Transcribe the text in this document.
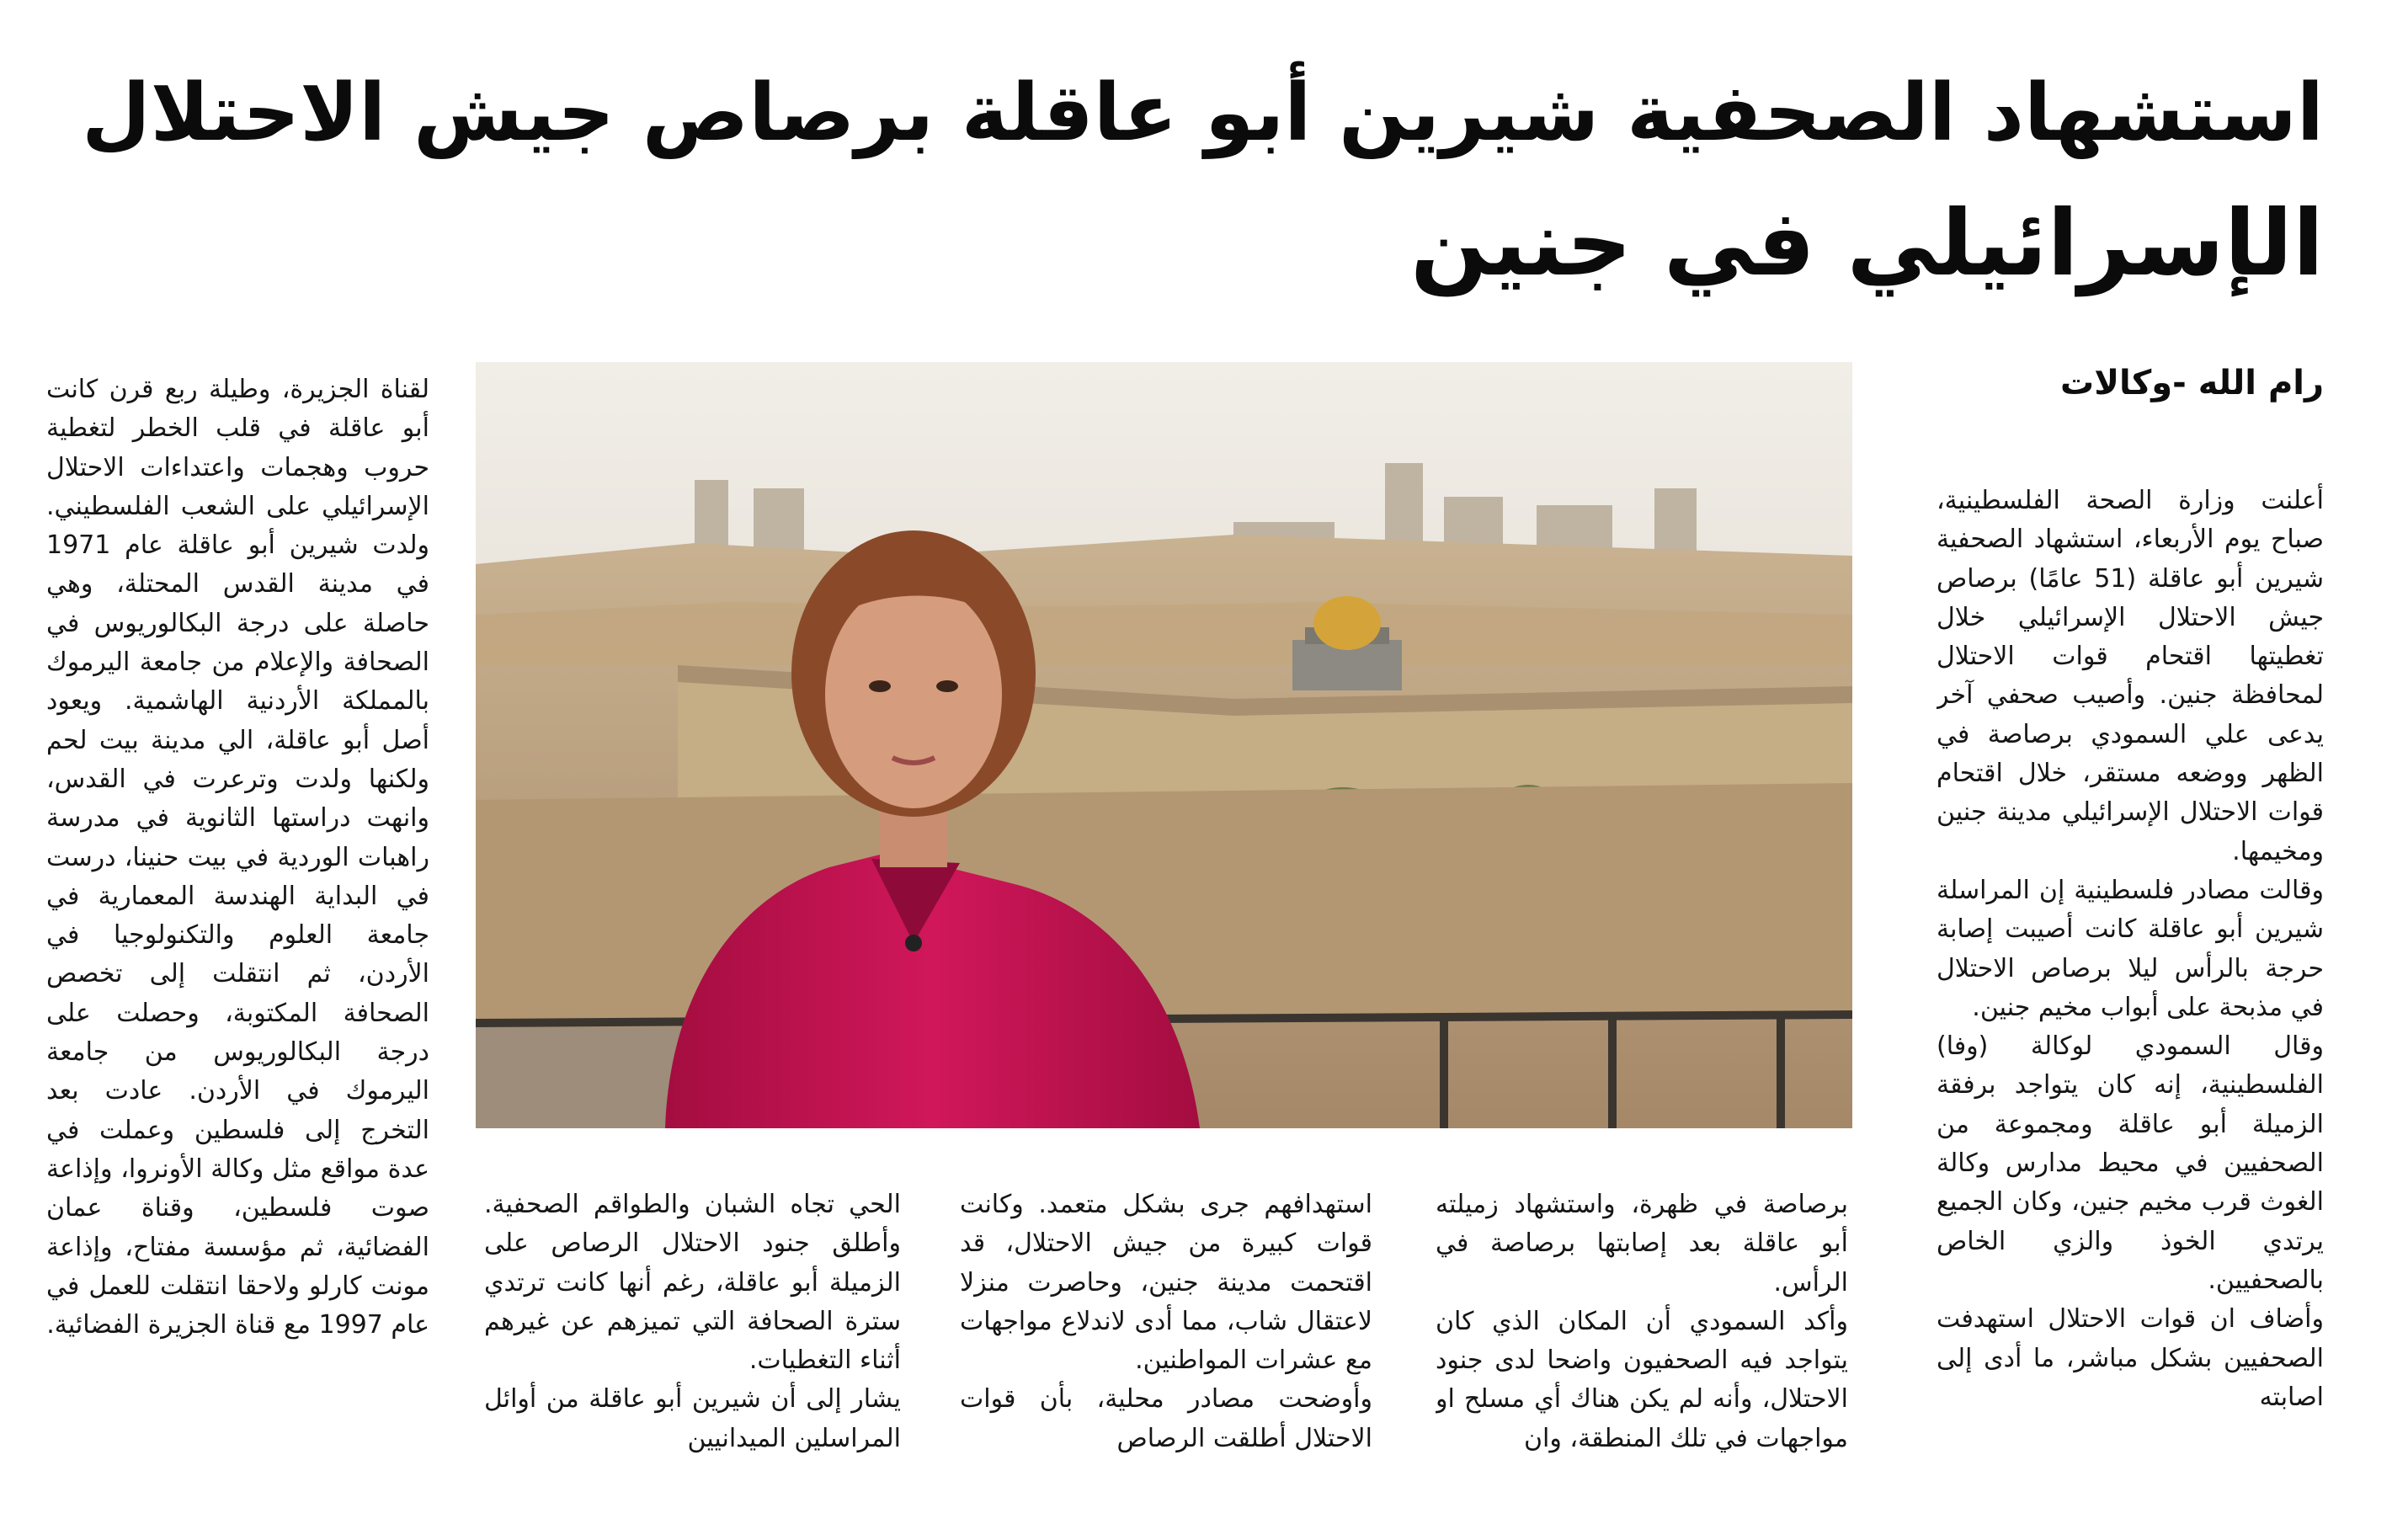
استشهاد الصحفية شيرين أبو عاقلة برصاص جيش الاحتلال
الإسرائيلي في جنين
رام الله -وكالات

أعلنت وزارة الصحة الفلسطينية، صباح يوم الأربعاء، استشهاد الصحفية شيرين أبو عاقلة (51 عامًا) برصاص جيش الاحتلال الإسرائيلي خلال تغطيتها اقتحام قوات الاحتلال لمحافظة جنين. وأصيب صحفي آخر يدعى علي السمودي برصاصة في الظهر ووضعه مستقر، خلال اقتحام قوات الاحتلال الإسرائيلي مدينة جنين ومخيمها.

وقالت مصادر فلسطينية إن المراسلة شيرين أبو عاقلة كانت أصيبت إصابة حرجة بالرأس ليلا برصاص الاحتلال في مذبحة على أبواب مخيم جنين.

وقال السمودي لوكالة (وفا) الفلسطينية، إنه كان يتواجد برفقة الزميلة أبو عاقلة ومجموعة من الصحفيين في محيط مدارس وكالة الغوث قرب مخيم جنين، وكان الجميع يرتدي الخوذ والزي الخاص بالصحفيين.

وأضاف ان قوات الاحتلال استهدفت الصحفيين بشكل مباشر، ما أدى إلى اصابته

برصاصة في ظهرة، واستشهاد زميلته أبو عاقلة بعد إصابتها برصاصة في الرأس.

وأكد السمودي أن المكان الذي كان يتواجد فيه الصحفيون واضحا لدى جنود الاحتلال، وأنه لم يكن هناك أي مسلح او مواجهات في تلك المنطقة، وان

استهدافهم جرى بشكل متعمد. وكانت قوات كبيرة من جيش الاحتلال، قد اقتحمت مدينة جنين، وحاصرت منزلا لاعتقال شاب، مما أدى لاندلاع مواجهات مع عشرات المواطنين.

وأوضحت مصادر محلية، بأن قوات الاحتلال أطلقت الرصاص

الحي تجاه الشبان والطواقم الصحفية. وأطلق جنود الاحتلال الرصاص على الزميلة أبو عاقلة، رغم أنها كانت ترتدي سترة الصحافة التي تميزهم عن غيرهم أثناء التغطيات.

يشار إلى أن شيرين أبو عاقلة من أوائل المراسلين الميدانيين

لقناة الجزيرة، وطيلة ربع قرن كانت أبو عاقلة في قلب الخطر لتغطية حروب وهجمات واعتداءات الاحتلال الإسرائيلي على الشعب الفلسطيني. ولدت شيرين أبو عاقلة عام 1971 في مدينة القدس المحتلة، وهي حاصلة على درجة البكالوريوس في الصحافة والإعلام من جامعة اليرموك بالمملكة الأردنية الهاشمية. ويعود أصل أبو عاقلة، الي مدينة بيت لحم ولكنها ولدت وترعرت في القدس، وانهت دراستها الثانوية في مدرسة راهبات الوردية في بيت حنينا، درست في البداية الهندسة المعمارية في جامعة العلوم والتكنولوجيا في الأردن، ثم انتقلت إلى تخصص الصحافة المكتوبة، وحصلت على درجة البكالوريوس من جامعة اليرموك في الأردن. عادت بعد التخرج إلى فلسطين وعملت في عدة مواقع مثل وكالة الأونروا، وإذاعة صوت فلسطين، وقناة عمان الفضائية، ثم مؤسسة مفتاح، وإذاعة مونت كارلو ولاحقا انتقلت للعمل في عام 1997 مع قناة الجزيرة الفضائية.
